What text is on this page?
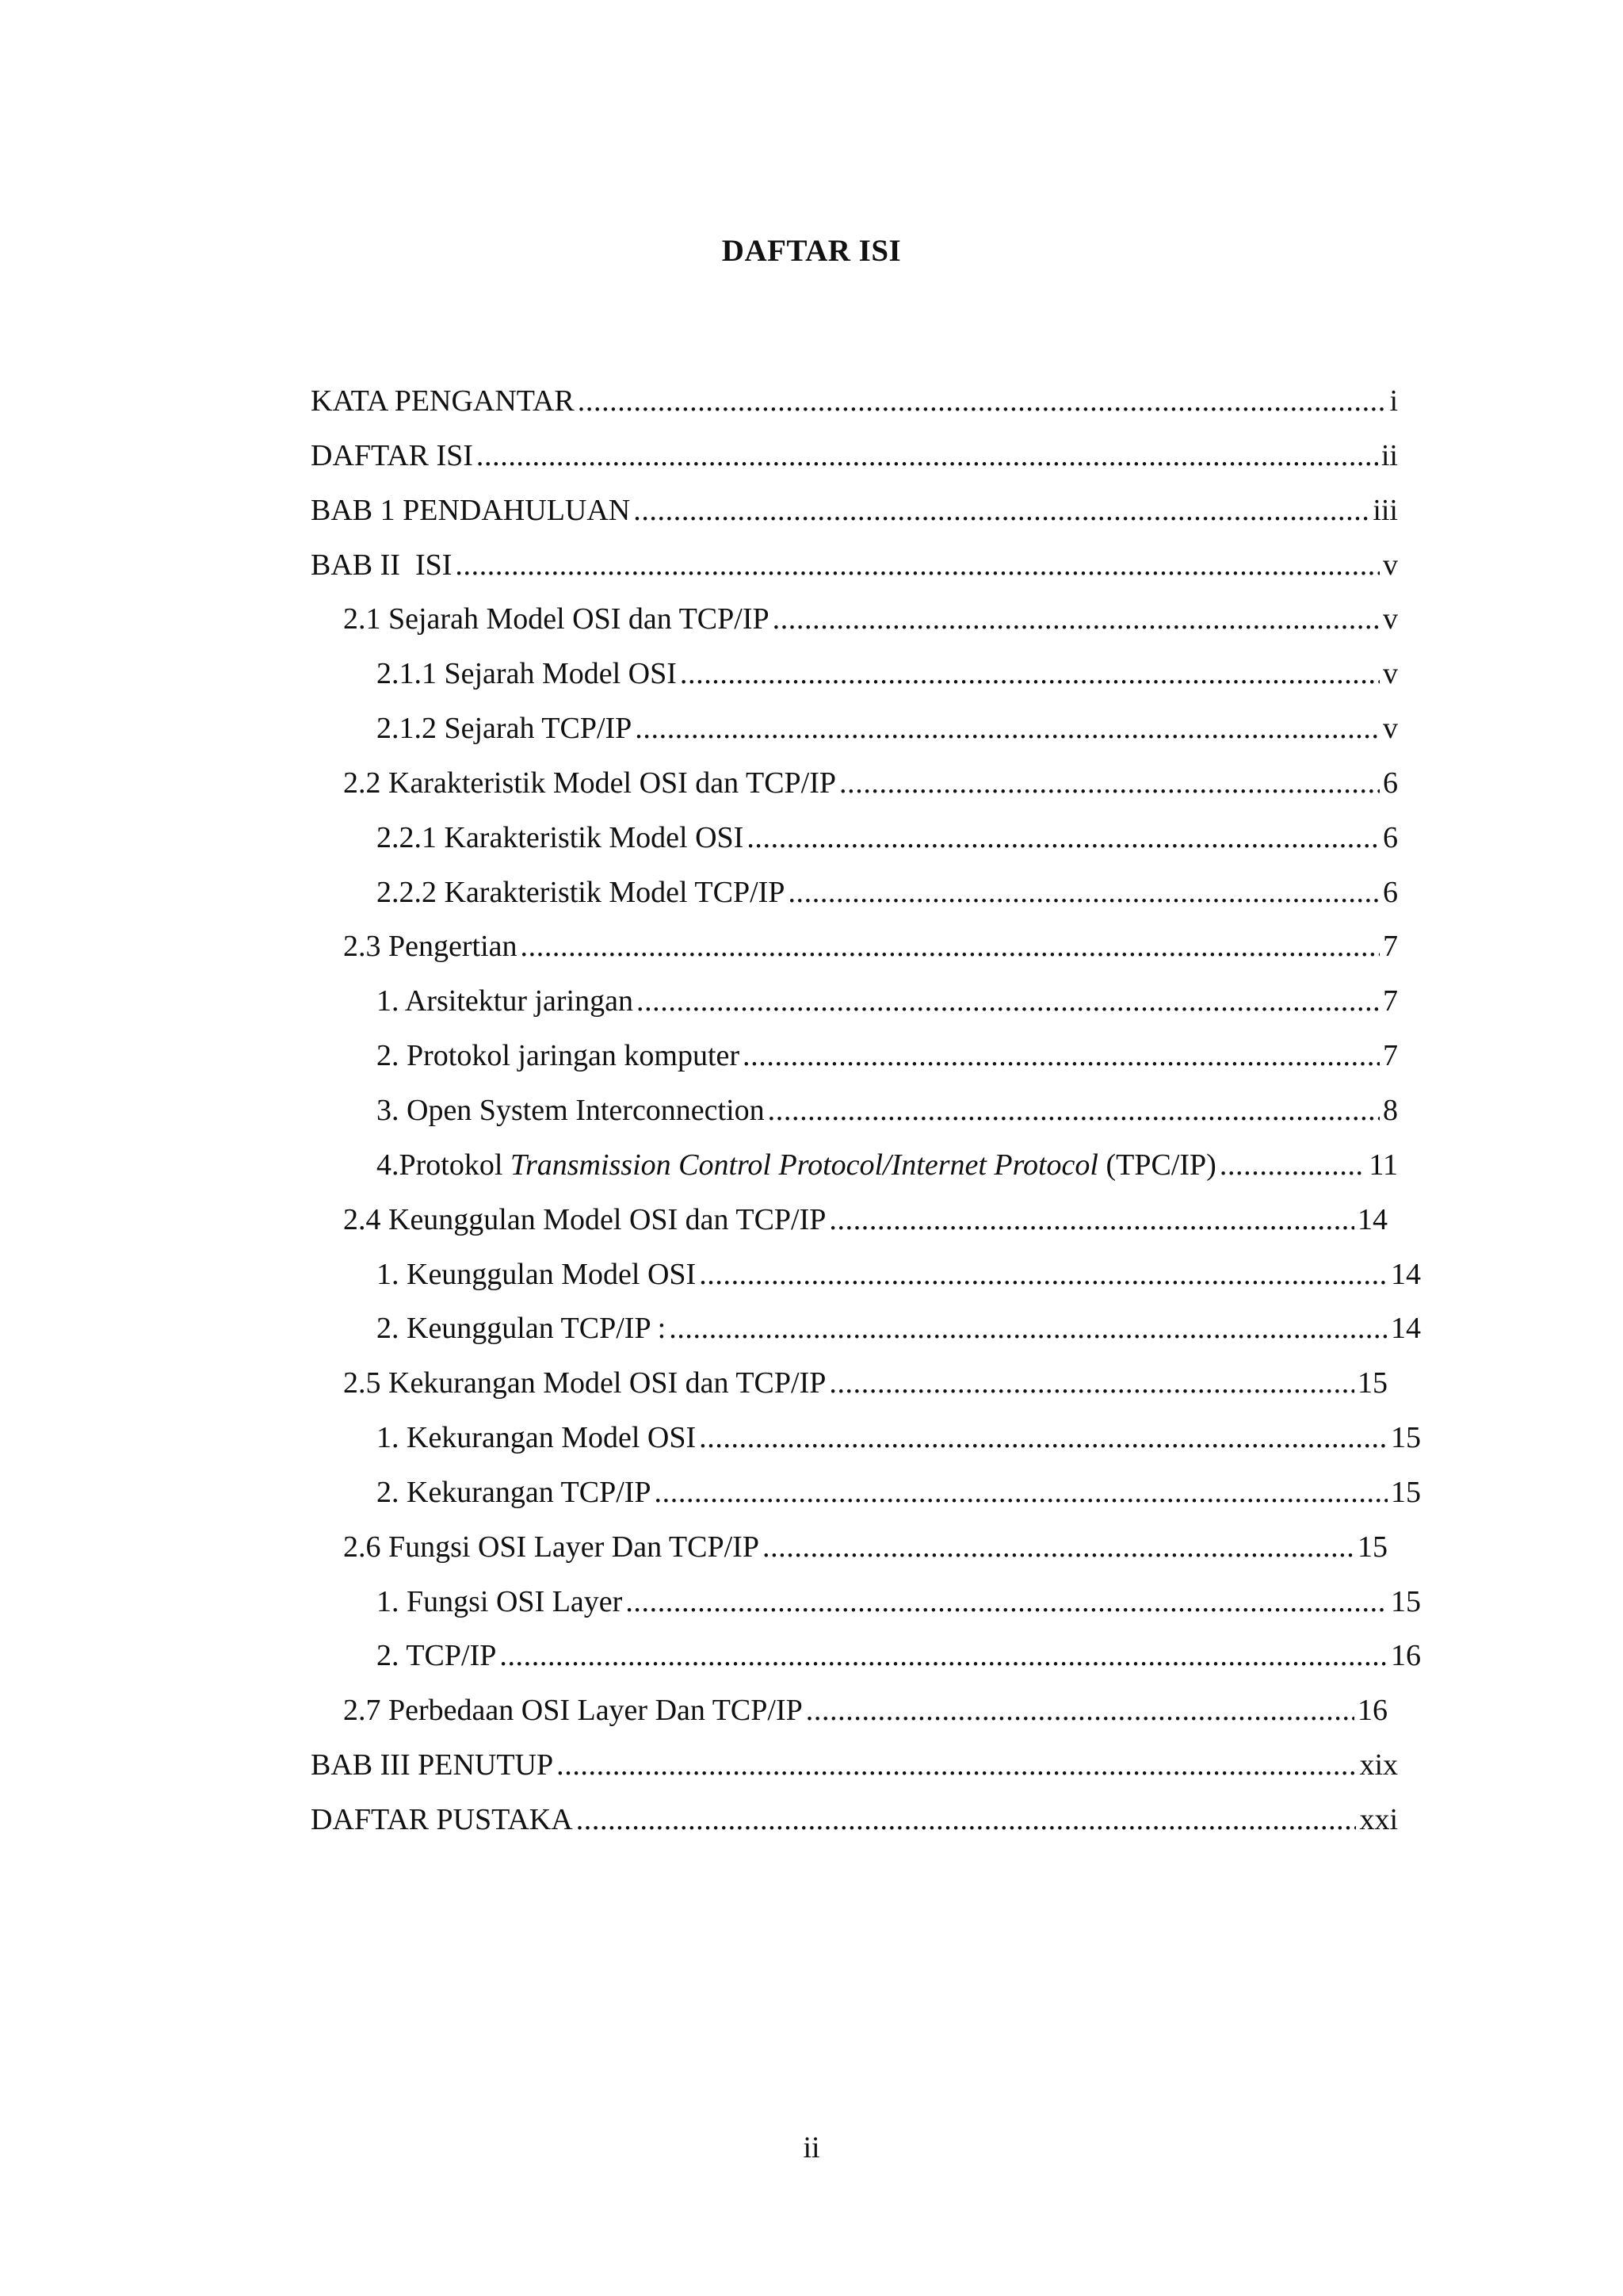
DAFTAR ISI
KATA PENGANTAR .....	i
DAFTAR ISI .....	ii
BAB 1 PENDAHULUAN .....	iii
BAB II  ISI .....	v
2.1 Sejarah Model OSI dan TCP/IP .....	v
2.1.1 Sejarah Model OSI .....	v
2.1.2 Sejarah TCP/IP .....	v
2.2 Karakteristik Model OSI dan TCP/IP .....	6
2.2.1 Karakteristik Model OSI .....	6
2.2.2 Karakteristik Model TCP/IP .....	6
2.3 Pengertian .....	7
1. Arsitektur jaringan .....	7
2. Protokol jaringan komputer .....	7
3. Open System Interconnection .....	8
4.Protokol Transmission Control Protocol/Internet Protocol (TPC/IP) .....	11
2.4 Keunggulan Model OSI dan TCP/IP .....	14
1. Keunggulan Model OSI .....	14
2. Keunggulan TCP/IP : .....	14
2.5 Kekurangan Model OSI dan TCP/IP .....	15
1. Kekurangan Model OSI .....	15
2. Kekurangan TCP/IP .....	15
2.6 Fungsi OSI Layer Dan TCP/IP .....	15
1. Fungsi OSI Layer .....	15
2. TCP/IP .....	16
2.7 Perbedaan OSI Layer Dan TCP/IP .....	16
BAB III PENUTUP .....	xix
DAFTAR PUSTAKA .....	xxi
ii
